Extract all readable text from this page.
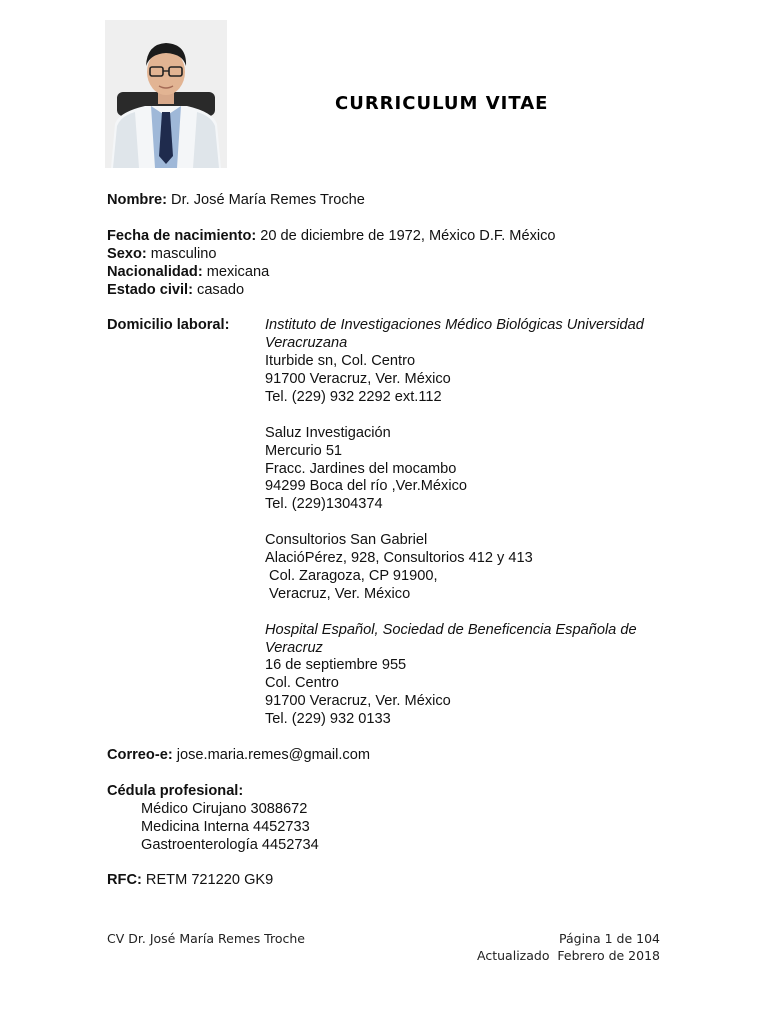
CURRICULUM VITAE

Nombre: Dr. José María Remes Troche

Fecha de nacimiento: 20 de diciembre de 1972, México D.F. México

Sexo: masculino

Nacionalidad: mexicana

Estado civil: casado

Domicilio laboral:	Instituto de Investigaciones Médico Biológicas Universidad Veracruzana
Iturbide sn, Col. Centro
91700 Veracruz, Ver. México
Tel. (229) 932 2292 ext.112
Saluz Investigación
Mercurio 51
Fracc. Jardines del mocambo
94299 Boca del río ,Ver.México
Tel. (229)1304374
Consultorios San Gabriel
AlacióPérez, 928, Consultorios 412 y 413
Col. Zaragoza, CP 91900,
Veracruz, Ver. México
Hospital Español, Sociedad de Beneficencia Española de Veracruz
16 de septiembre 955
Col. Centro
91700 Veracruz, Ver. México
Tel. (229) 932 0133

Correo-e: jose.maria.remes@gmail.com

Cédula profesional:

Médico Cirujano 3088672

Medicina Interna 4452733

Gastroenterología 4452734

RFC: RETM 721220 GK9

CV Dr. José María Remes Troche	Página 1 de 104
Actualizado  Febrero de 2018
